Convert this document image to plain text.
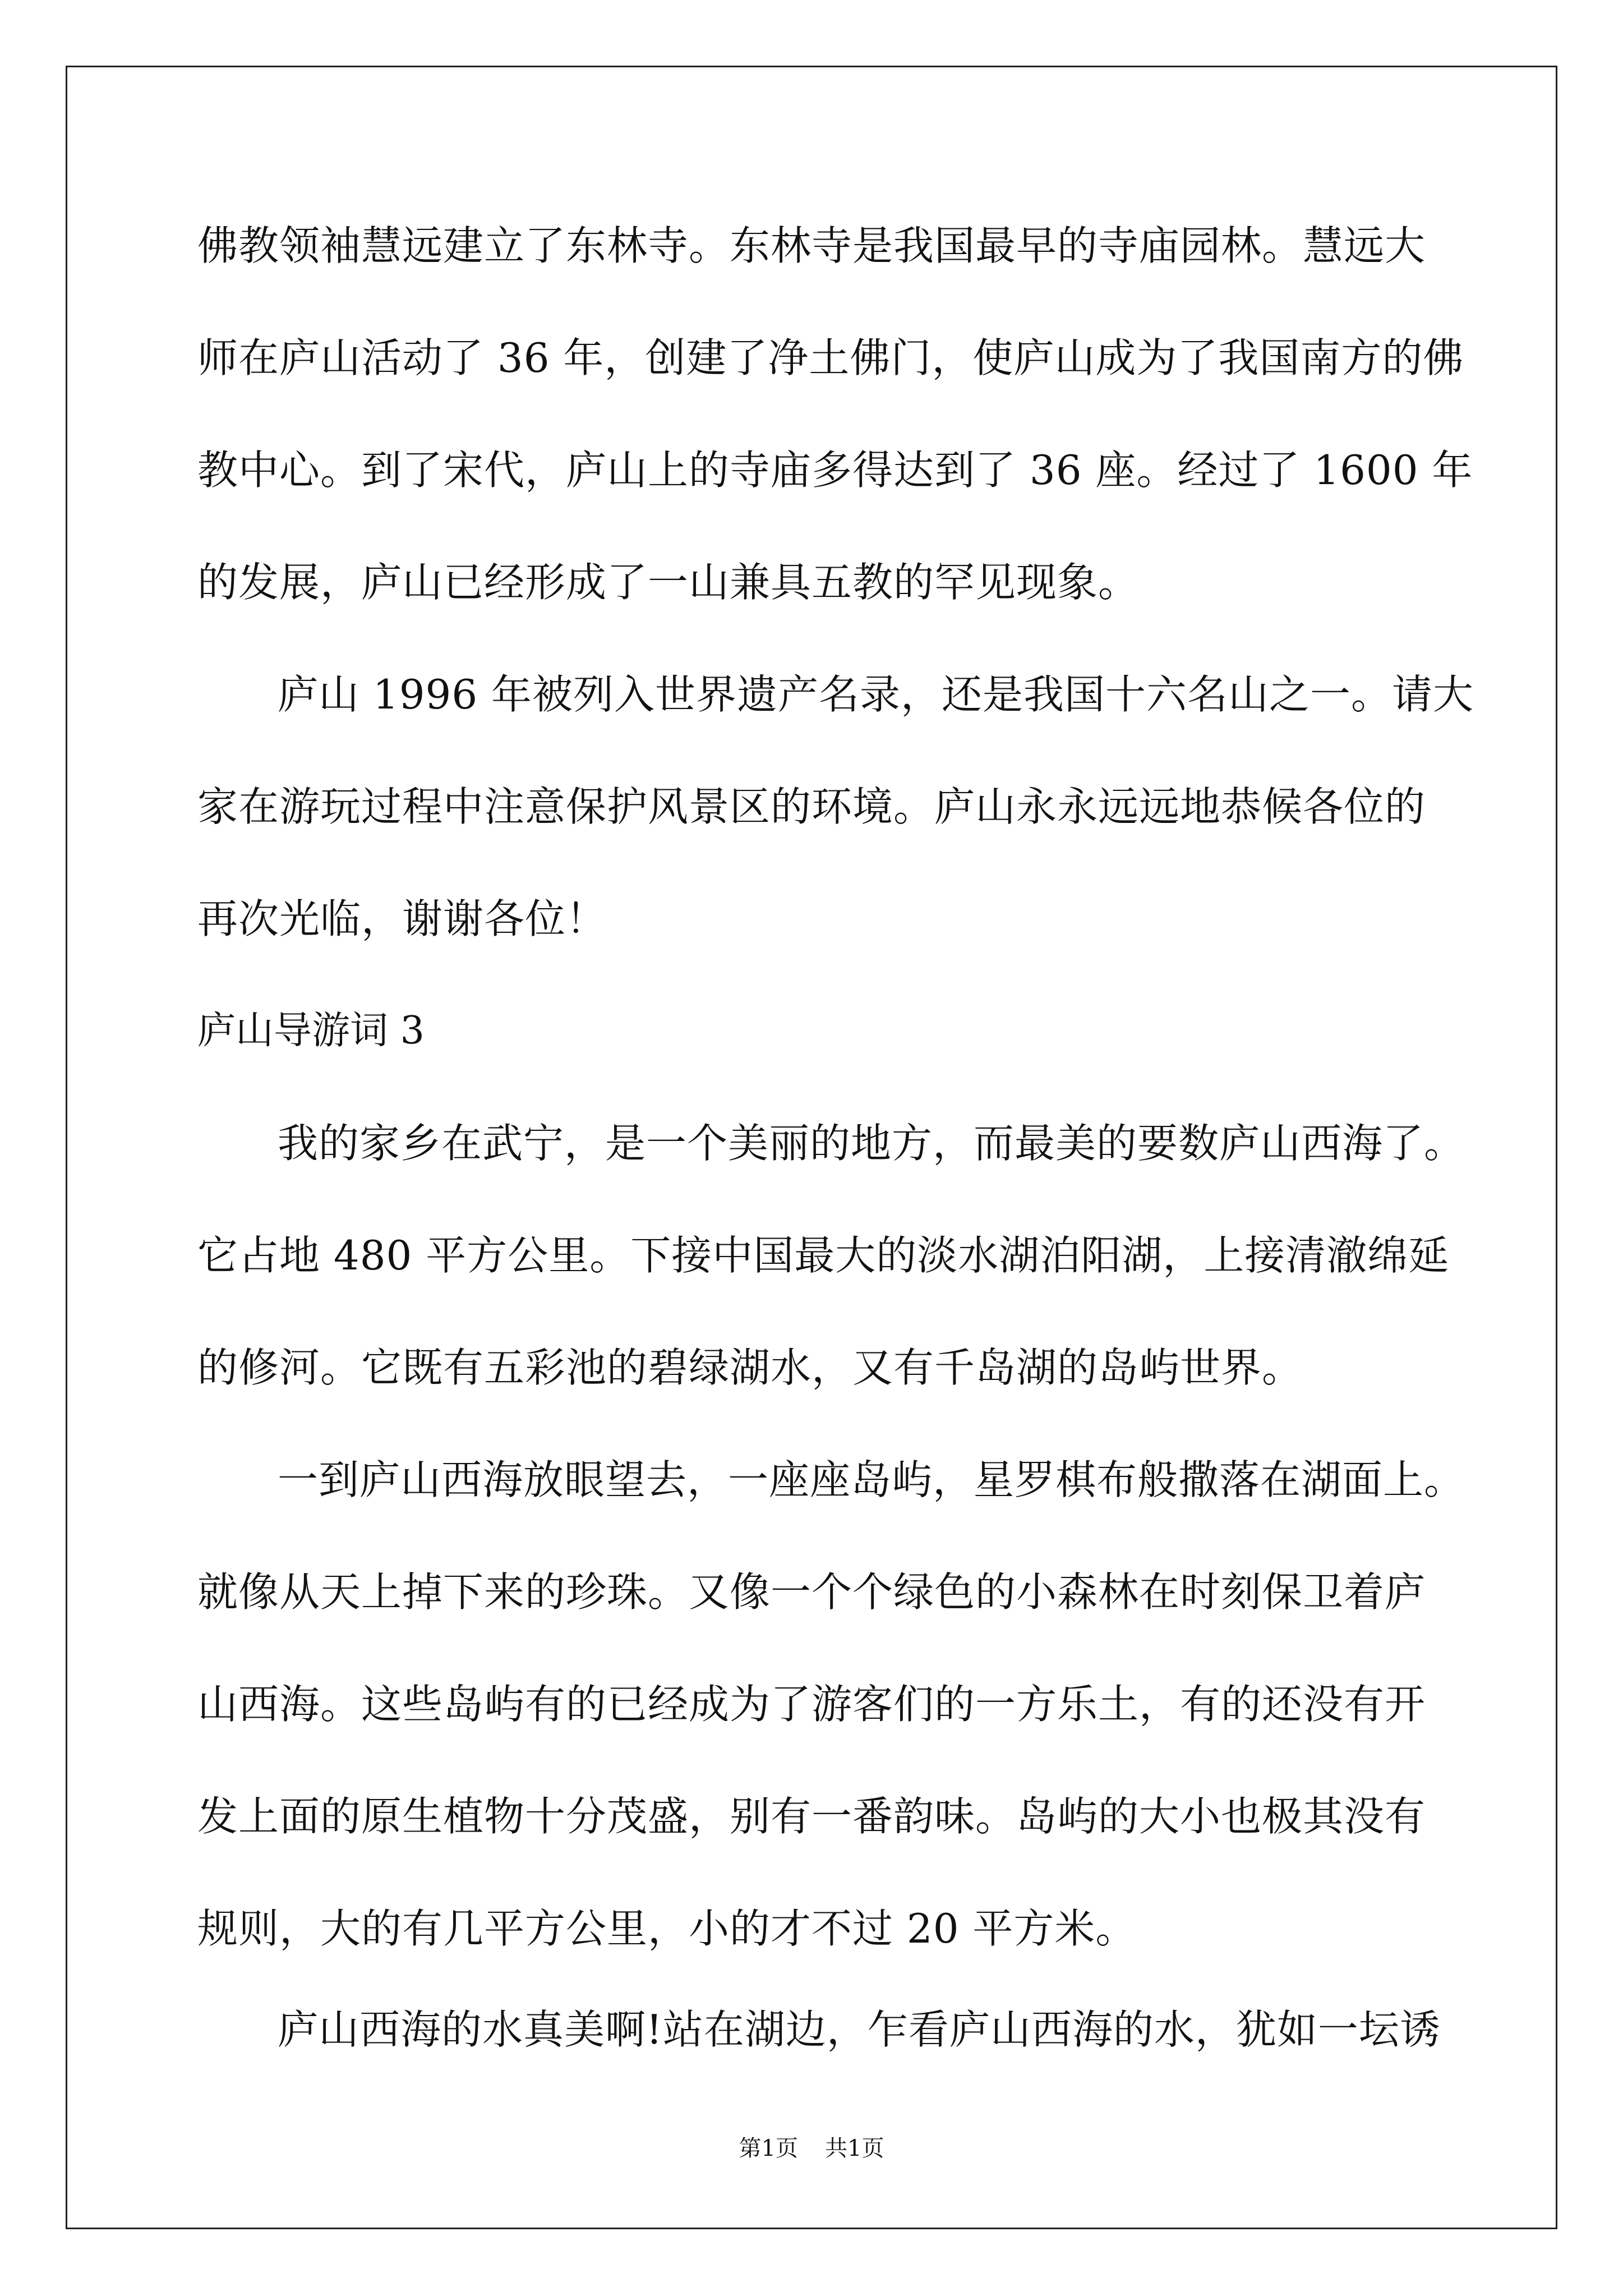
佛教领袖慧远建立了东林寺。东林寺是我国最早的寺庙园林。慧远大
师在庐山活动了 36 年，创建了净土佛门，使庐山成为了我国南方的佛
教中心。到了宋代，庐山上的寺庙多得达到了 36 座。经过了 1600 年
的发展，庐山已经形成了一山兼具五教的罕见现象。
庐山 1996 年被列入世界遗产名录，还是我国十六名山之一。请大
家在游玩过程中注意保护风景区的环境。庐山永永远远地恭候各位的
再次光临，谢谢各位！
庐山导游词 3
我的家乡在武宁，是一个美丽的地方，而最美的要数庐山西海了。
它占地 480 平方公里。下接中国最大的淡水湖泊阳湖，上接清澈绵延
的修河。它既有五彩池的碧绿湖水，又有千岛湖的岛屿世界。
一到庐山西海放眼望去，一座座岛屿，星罗棋布般撒落在湖面上。
就像从天上掉下来的珍珠。又像一个个绿色的小森林在时刻保卫着庐
山西海。这些岛屿有的已经成为了游客们的一方乐土，有的还没有开
发上面的原生植物十分茂盛，别有一番韵味。岛屿的大小也极其没有
规则，大的有几平方公里，小的才不过 20 平方米。
庐山西海的水真美啊!站在湖边，乍看庐山西海的水，犹如一坛诱
第1页 共1页
